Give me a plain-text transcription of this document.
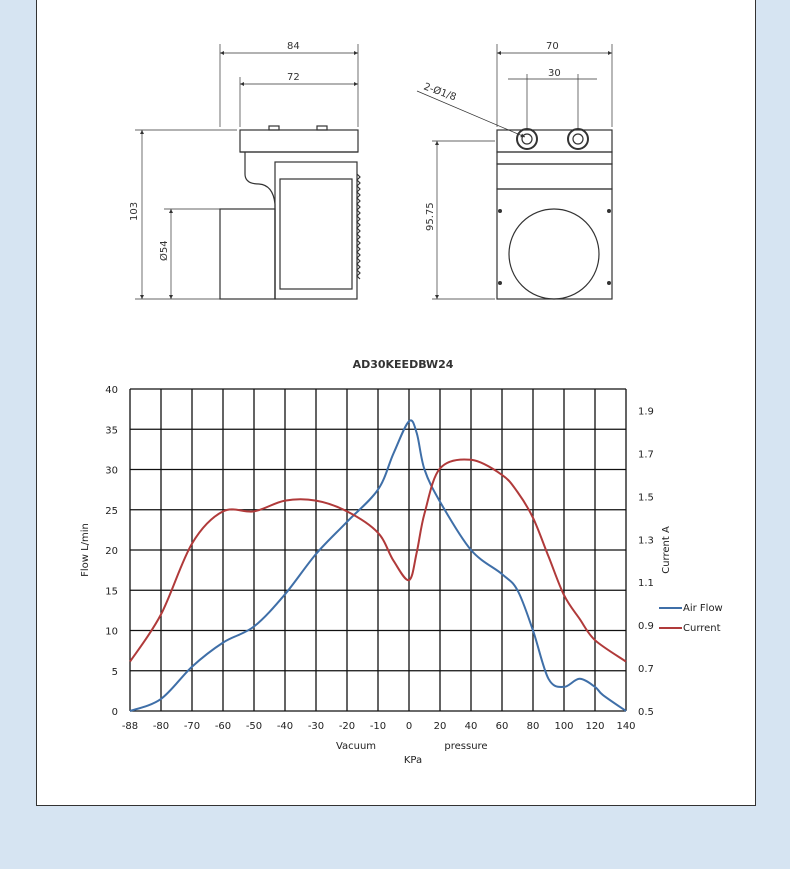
84
72
103
Ø54
70
30
2-Ø1/8
95.75
AD30KEEDBW24
-88 -80 -70 -60 -50 -40 -30 -20 -10 0 20 40 60 80 100 120 140
0
5
10
15
20
25
30
35
40
0.5
0.7
0.9
1.1
1.3
1.5
1.7
1.9
Flow L/min	Current A
Vacuum	pressure
KPa
Air Flow
Current
